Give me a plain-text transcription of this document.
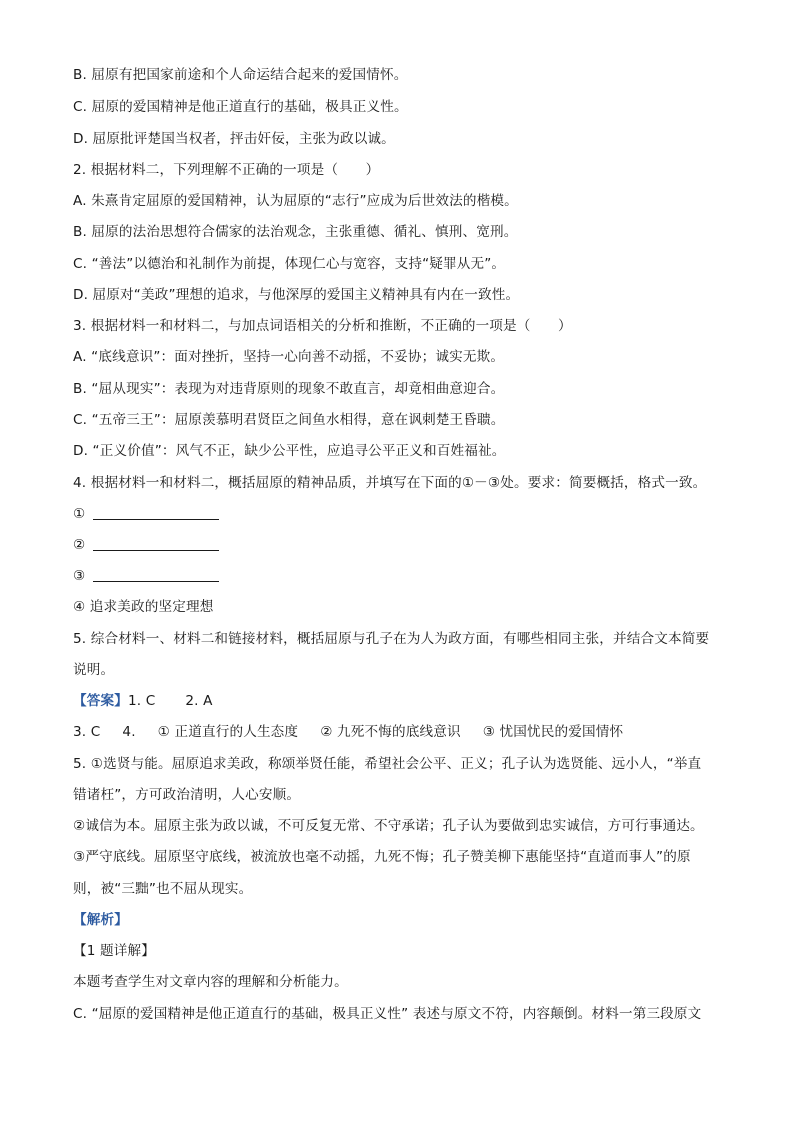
B. 屈原有把国家前途和个人命运结合起来的爱国情怀。
C. 屈原的爱国精神是他正道直行的基础，极具正义性。
D. 屈原批评楚国当权者，抨击奸佞，主张为政以诚。
2. 根据材料二，下列理解不正确的一项是（　　）
A. 朱熹肯定屈原的爱国精神，认为屈原的“志行”应成为后世效法的楷模。
B. 屈原的法治思想符合儒家的法治观念，主张重德、循礼、慎刑、宽刑。
C. “善法”以德治和礼制作为前提，体现仁心与宽容，支持“疑罪从无”。
D. 屈原对“美政”理想的追求，与他深厚的爱国主义精神具有内在一致性。
3. 根据材料一和材料二，与加点词语相关的分析和推断，不正确的一项是（　　）
A. “底线意识”：面对挫折，坚持一心向善不动摇，不妥协；诚实无欺。
B. “屈从现实”：表现为对违背原则的现象不敢直言，却竟相曲意迎合。
C. “五帝三王”：屈原羡慕明君贤臣之间鱼水相得，意在讽刺楚王昏聩。
D. “正义价值”：风气不正，缺少公平性，应追寻公平正义和百姓福祉。
4. 根据材料一和材料二，概括屈原的精神品质，并填写在下面的①－③处。要求：简要概括，格式一致。
①
②
③
④ 追求美政的坚定理想
5. 综合材料一、材料二和链接材料，概括屈原与孔子在为人为政方面，有哪些相同主张，并结合文本简要
说明。
【答案】1. C 2. A
3. C 4. ① 正道直行的人生态度 ② 九死不悔的底线意识 ③ 忧国忧民的爱国情怀
5. ①选贤与能。屈原追求美政，称颂举贤任能，希望社会公平、正义；孔子认为选贤能、远小人，“举直
错诸枉”，方可政治清明，人心安顺。
②诚信为本。屈原主张为政以诚，不可反复无常、不守承诺；孔子认为要做到忠实诚信，方可行事通达。
③严守底线。屈原坚守底线，被流放也毫不动摇，九死不悔；孔子赞美柳下惠能坚持“直道而事人”的原
则，被“三黜”也不屈从现实。
【解析】
【1 题详解】
本题考查学生对文章内容的理解和分析能力。
C. “屈原的爱国精神是他正道直行的基础，极具正义性” 表述与原文不符，内容颠倒。材料一第三段原文
